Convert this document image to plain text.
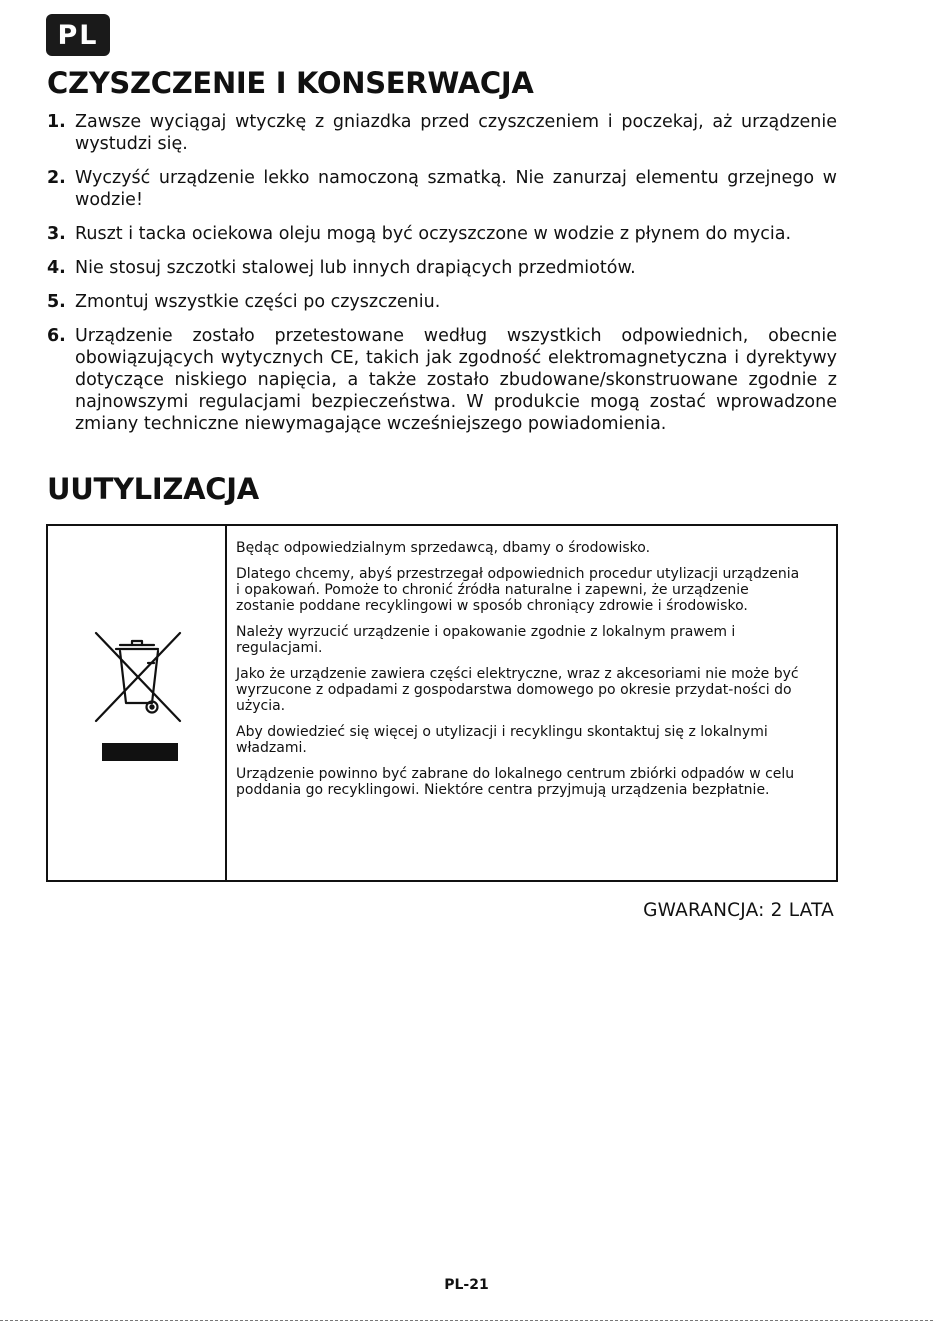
PL
CZYSZCZENIE I KONSERWACJA
1. Zawsze wyciągaj wtyczkę z gniazdka przed czyszczeniem i poczekaj, aż urządzenie wystudzi się.
2. Wyczyść urządzenie lekko namoczoną szmatką. Nie zanurzaj elementu grzejnego w wodzie!
3. Ruszt i tacka ociekowa oleju mogą być oczyszczone w wodzie z płynem do mycia.
4. Nie stosuj szczotki stalowej lub innych drapiących przedmiotów.
5. Zmontuj wszystkie części po czyszczeniu.
6. Urządzenie zostało przetestowane według wszystkich odpowiednich, obecnie obowiązujących wytycznych CE, takich jak zgodność elektromagnetyczna i dyrektywy dotyczące niskiego napięcia, a także zostało zbudowane/skonstruowane zgodnie z najnowszymi regulacjami bezpieczeństwa. W produkcie mogą zostać wprowadzone zmiany techniczne niewymagające wcześniejszego powiadomienia.
UUTYLIZACJA

Będąc odpowiedzialnym sprzedawcą, dbamy o środowisko.

Dlatego chcemy, abyś przestrzegał odpowiednich procedur utylizacji urządzenia i opakowań. Pomoże to chronić źródła naturalne i zapewni, że urządzenie zostanie poddane recyklingowi w sposób chroniący zdrowie i środowisko.

Należy wyrzucić urządzenie i opakowanie zgodnie z lokalnym prawem i regulacjami.

Jako że urządzenie zawiera części elektryczne, wraz z akcesoriami nie może być wyrzucone z odpadami z gospodarstwa domowego po okresie przydat-ności do użycia.

Aby dowiedzieć się więcej o utylizacji i recyklingu skontaktuj się z lokalnymi władzami.

Urządzenie powinno być zabrane do lokalnego centrum zbiórki odpadów w celu poddania go recyklingowi. Niektóre centra przyjmują urządzenia bezpłatnie.

GWARANCJA: 2 LATA
PL-21
